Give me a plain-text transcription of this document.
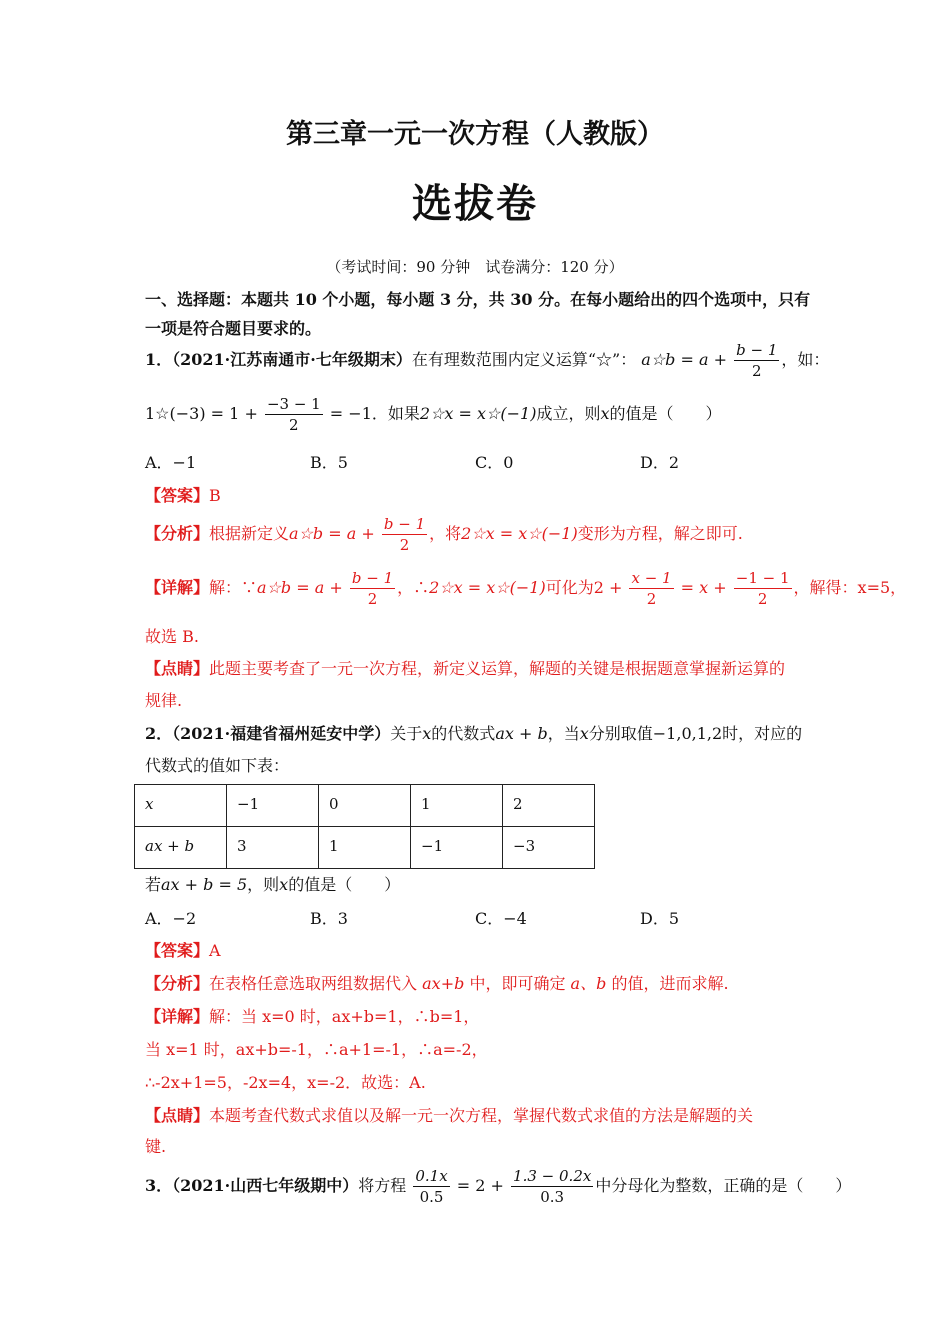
第三章一元一次方程（人教版）
选拔卷
（考试时间：90 分钟　试卷满分：120 分）
一、选择题：本题共 10 个小题，每小题 3 分，共 30 分。在每小题给出的四个选项中，只有
一项是符合题目要求的。
1．（2021·江苏南通市·七年级期末）在有理数范围内定义运算“☆”： a☆b = $a + \frac{b - 1}{2}$ ，如：
1☆(−3) = $1 + \frac{-3 - 1}{2} = -1$．如果2☆x = x☆(−1)成立，则x的值是（　　）
A．−1	B．5	C．0	D．2
【答案】B
【分析】根据新定义a☆b = $a + \frac{b - 1}{2}$ ，将2☆x = x☆(−1)变形为方程，解之即可.
【详解】解：∵a☆b = $a + \frac{b - 1}{2}$ ，∴2☆x = x☆(−1)可化为$2 + \frac{x - 1}{2} = x + \frac{-1 - 1}{2}$ ，解得：x=5，
故选 B.
【点睛】此题主要考查了一元一次方程，新定义运算，解题的关键是根据题意掌握新运算的
规律.
2．（2021·福建省福州延安中学）关于x的代数式ax + b，当x分别取值−1,0,1,2时，对应的
代数式的值如下表：
x	−1	0	1	2
ax + b	3	1	−1	−3
若ax + b = 5，则x的值是（　　）
A．−2	B．3	C．−4	D．5
【答案】A
【分析】在表格任意选取两组数据代入 ax+b 中，即可确定 a、b 的值，进而求解.
【详解】解：当 x=0 时，ax+b=1，∴b=1，
当 x=1 时，ax+b=-1，∴a+1=-1，∴a=-2，
∴-2x+1=5，-2x=4，x=-2．故选：A.
【点睛】本题考查代数式求值以及解一元一次方程，掌握代数式求值的方法是解题的关
键.
3．（2021·山西七年级期中）将方程 $\frac{0.1x}{0.5} = 2 + \frac{1.3 - 0.2x}{0.3}$ 中分母化为整数，正确的是（　　）
